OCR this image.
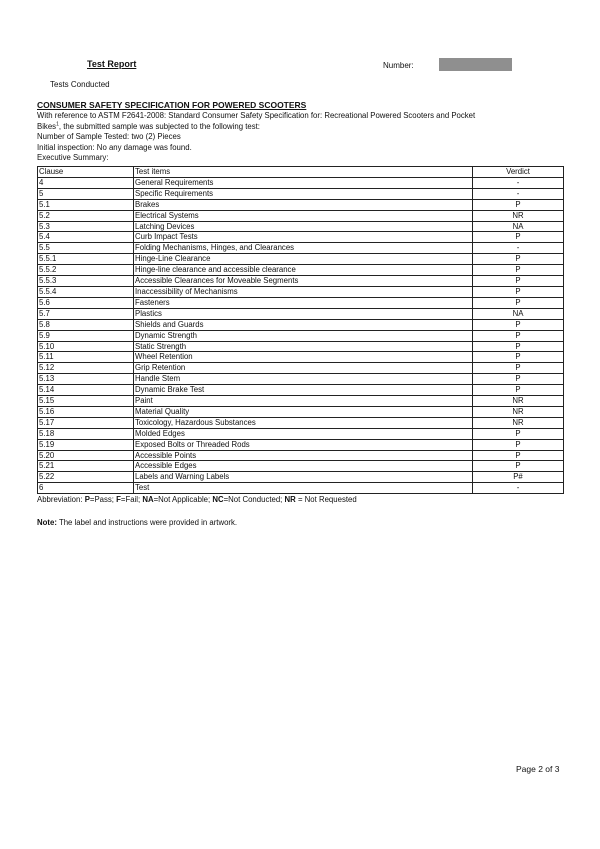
Test Report	Number:
Tests Conducted
CONSUMER SAFETY SPECIFICATION FOR POWERED SCOOTERS
With reference to ASTM F2641-2008: Standard Consumer Safety Specification for: Recreational Powered Scooters and Pocket
Bikes$^1$, the submitted sample was subjected to the following test:
Number of Sample Tested: two (2) Pieces
Initial inspection: No any damage was found.
Executive Summary:
Clause	Test items	Verdict
4	General Requirements	-
5	Specific Requirements	-
5.1	Brakes	P
5.2	Electrical Systems	NR
5.3	Latching Devices	NA
5.4	Curb Impact Tests	P
5.5	Folding Mechanisms, Hinges, and Clearances	-
5.5.1	Hinge-Line Clearance	P
5.5.2	Hinge-line clearance and accessible clearance	P
5.5.3	Accessible Clearances for Moveable Segments	P
5.5.4	Inaccessibility of Mechanisms	P
5.6	Fasteners	P
5.7	Plastics	NA
5.8	Shields and Guards	P
5.9	Dynamic Strength	P
5.10	Static Strength	P
5.11	Wheel Retention	P
5.12	Grip Retention	P
5.13	Handle Stem	P
5.14	Dynamic Brake Test	P
5.15	Paint	NR
5.16	Material Quality	NR
5.17	Toxicology, Hazardous Substances	NR
5.18	Molded Edges	P
5.19	Exposed Bolts or Threaded Rods	P
5.20	Accessible Points	P
5.21	Accessible Edges	P
5.22	Labels and Warning Labels	P#
6	Test	-
Abbreviation: P=Pass; F=Fail; NA=Not Applicable; NC=Not Conducted; NR = Not Requested
Note: The label and instructions were provided in artwork.
Page 2 of 3
